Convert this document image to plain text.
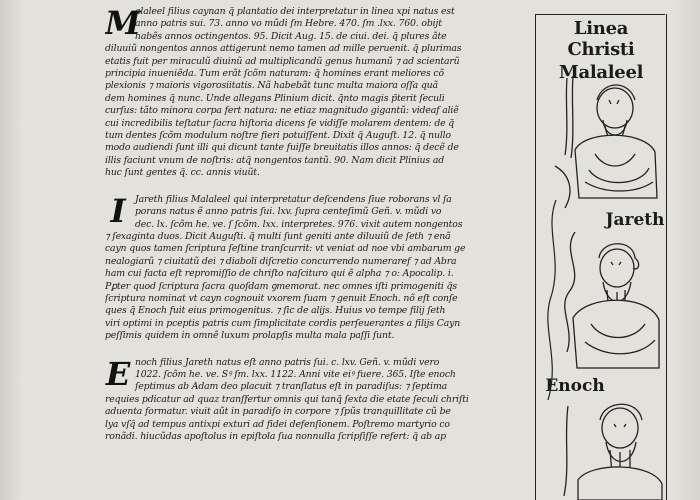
M
alaleel filius caynan q̃ plantatio dei interpretatur in linea xpi natus est
anno patris sui. 73. anno vo mũdi ſm Hebre. 470. ſm .lxx. 760. obijt
habẽs annos octingentos. 95. Dicit Aug. 15. de ciui. dei. q̃ plures ãte
diluuiũ nongentos annos attigerunt nemo tamen ad mille peruenit. q̃ plurimas
etatis fuit per miraculũ diuinũ ad multiplicandũ genus humanũ ⁊ ad scientarũ
principia inueniẽda. Tum erãt ſcõm naturam: q̃ homines erant meliores cõ
plexionis ⁊ maioris vigorosiitatis. Nã habebãt tunc multa maiora oſſa quã
dem homines q̃ nunc. Unde allegans Plinium dicit. q̃nto magis p̃terit ſeculi
curſus: tãto minora corpa fert natura: ne etiaz magnitudo gigantũ: videaf aliẽ
cui incredibilis teſtatur ſacra hiſtoria dicens ſe vidiſſe molarem dentem: de q̃
tum dentes ſcõm modulum noſtre fieri potuiſſent. Dixit q̃ Auguſt. 12. q̃ nullo
modo audiendi ſunt illi qui dicunt tante fuiſſe breuitatis illos annos: q̃ decẽ de
illis faciunt vnum de noſtris: atq̃ nongentos tantũ. 90. Nam dicit Plinius ad
huc ſunt gentes q̃. cc. annis viuũt.
I	Jareth filius Malaleel qui interpretatur deſcendens ſiue roborans vl̃ ſa
porans natus ẽ anno patris ſui. lxv. ſupra centeſimũ Geñ. v. mũdi vo
dec. lx. ſcõm he. ve. ſ ſcõm. lxx. interpretes. 976. vixit autem nongentos
⁊ ſexaginta duos. Dicit Auguſti. q̃ multi ſunt geniti ante diluuiũ de ſeth ⁊ enã
cayn quos tamen ſcriptura ſeſtine tranſcurrit: vt veniat ad noe vbi ambarum ge
nealogiarũ ⁊ ciuitatũ dei ⁊ diaboli diſcretio concurrendo numeraref ⁊ ad Abra
ham cui facta eſt repromiſſio de chriſto naſcituro qui ẽ alpha ⁊ o: Apocalip. i.
Pꝑter quod ſcriptura ſacra quoſdam ꝯmemorat. nec omnes iſti primogeniti q̃s
ſcriptura nominat vt cayn cognouit vxorem ſuam ⁊ genuit Enoch. nõ eſt conſe
ques q̃ Enoch fuit eius primogenitus. ⁊ ſic de alijs. Huius vo tempe filij ſeth
viri optimi in pceptis patris cum ſimplicitate cordis perſeuerantes a filijs Cayn
peſſimis quidem in omnẽ luxum prolapſis multa mala paſſi ſunt.
E noch filius Jareth natus eſt anno patris ſui. c. lxv. Geñ. v. mũdi vero
1022. ſcõm he. ve. Sꝰ ſm. lxx. 1122. Anni vite eiꝰ fuere. 365. Iſte enoch
ſeptimus ab Adam deo placuit ⁊ tranſlatus eſt in paradiſus: ⁊ ſeptima
requies pdicatur ad quaz tranſfertur omnis qui tanq̃ ſexta die etate ſeculi chriſti
aduenta formatur. viuit aũt in paradiſo in corpore ⁊ ſpũs tranquillitate cũ be
lya vſq̃ ad tempus antixpi exturi ad fidei defenſionem. Poſtremo martyrio co
ronãdi. hiucũdas apoſtolus in epiſtola ſua nonnulla ſcripſiſſe refert: q̃ ab ap
Linea Christi
Malaleel
Jareth
Enoch
